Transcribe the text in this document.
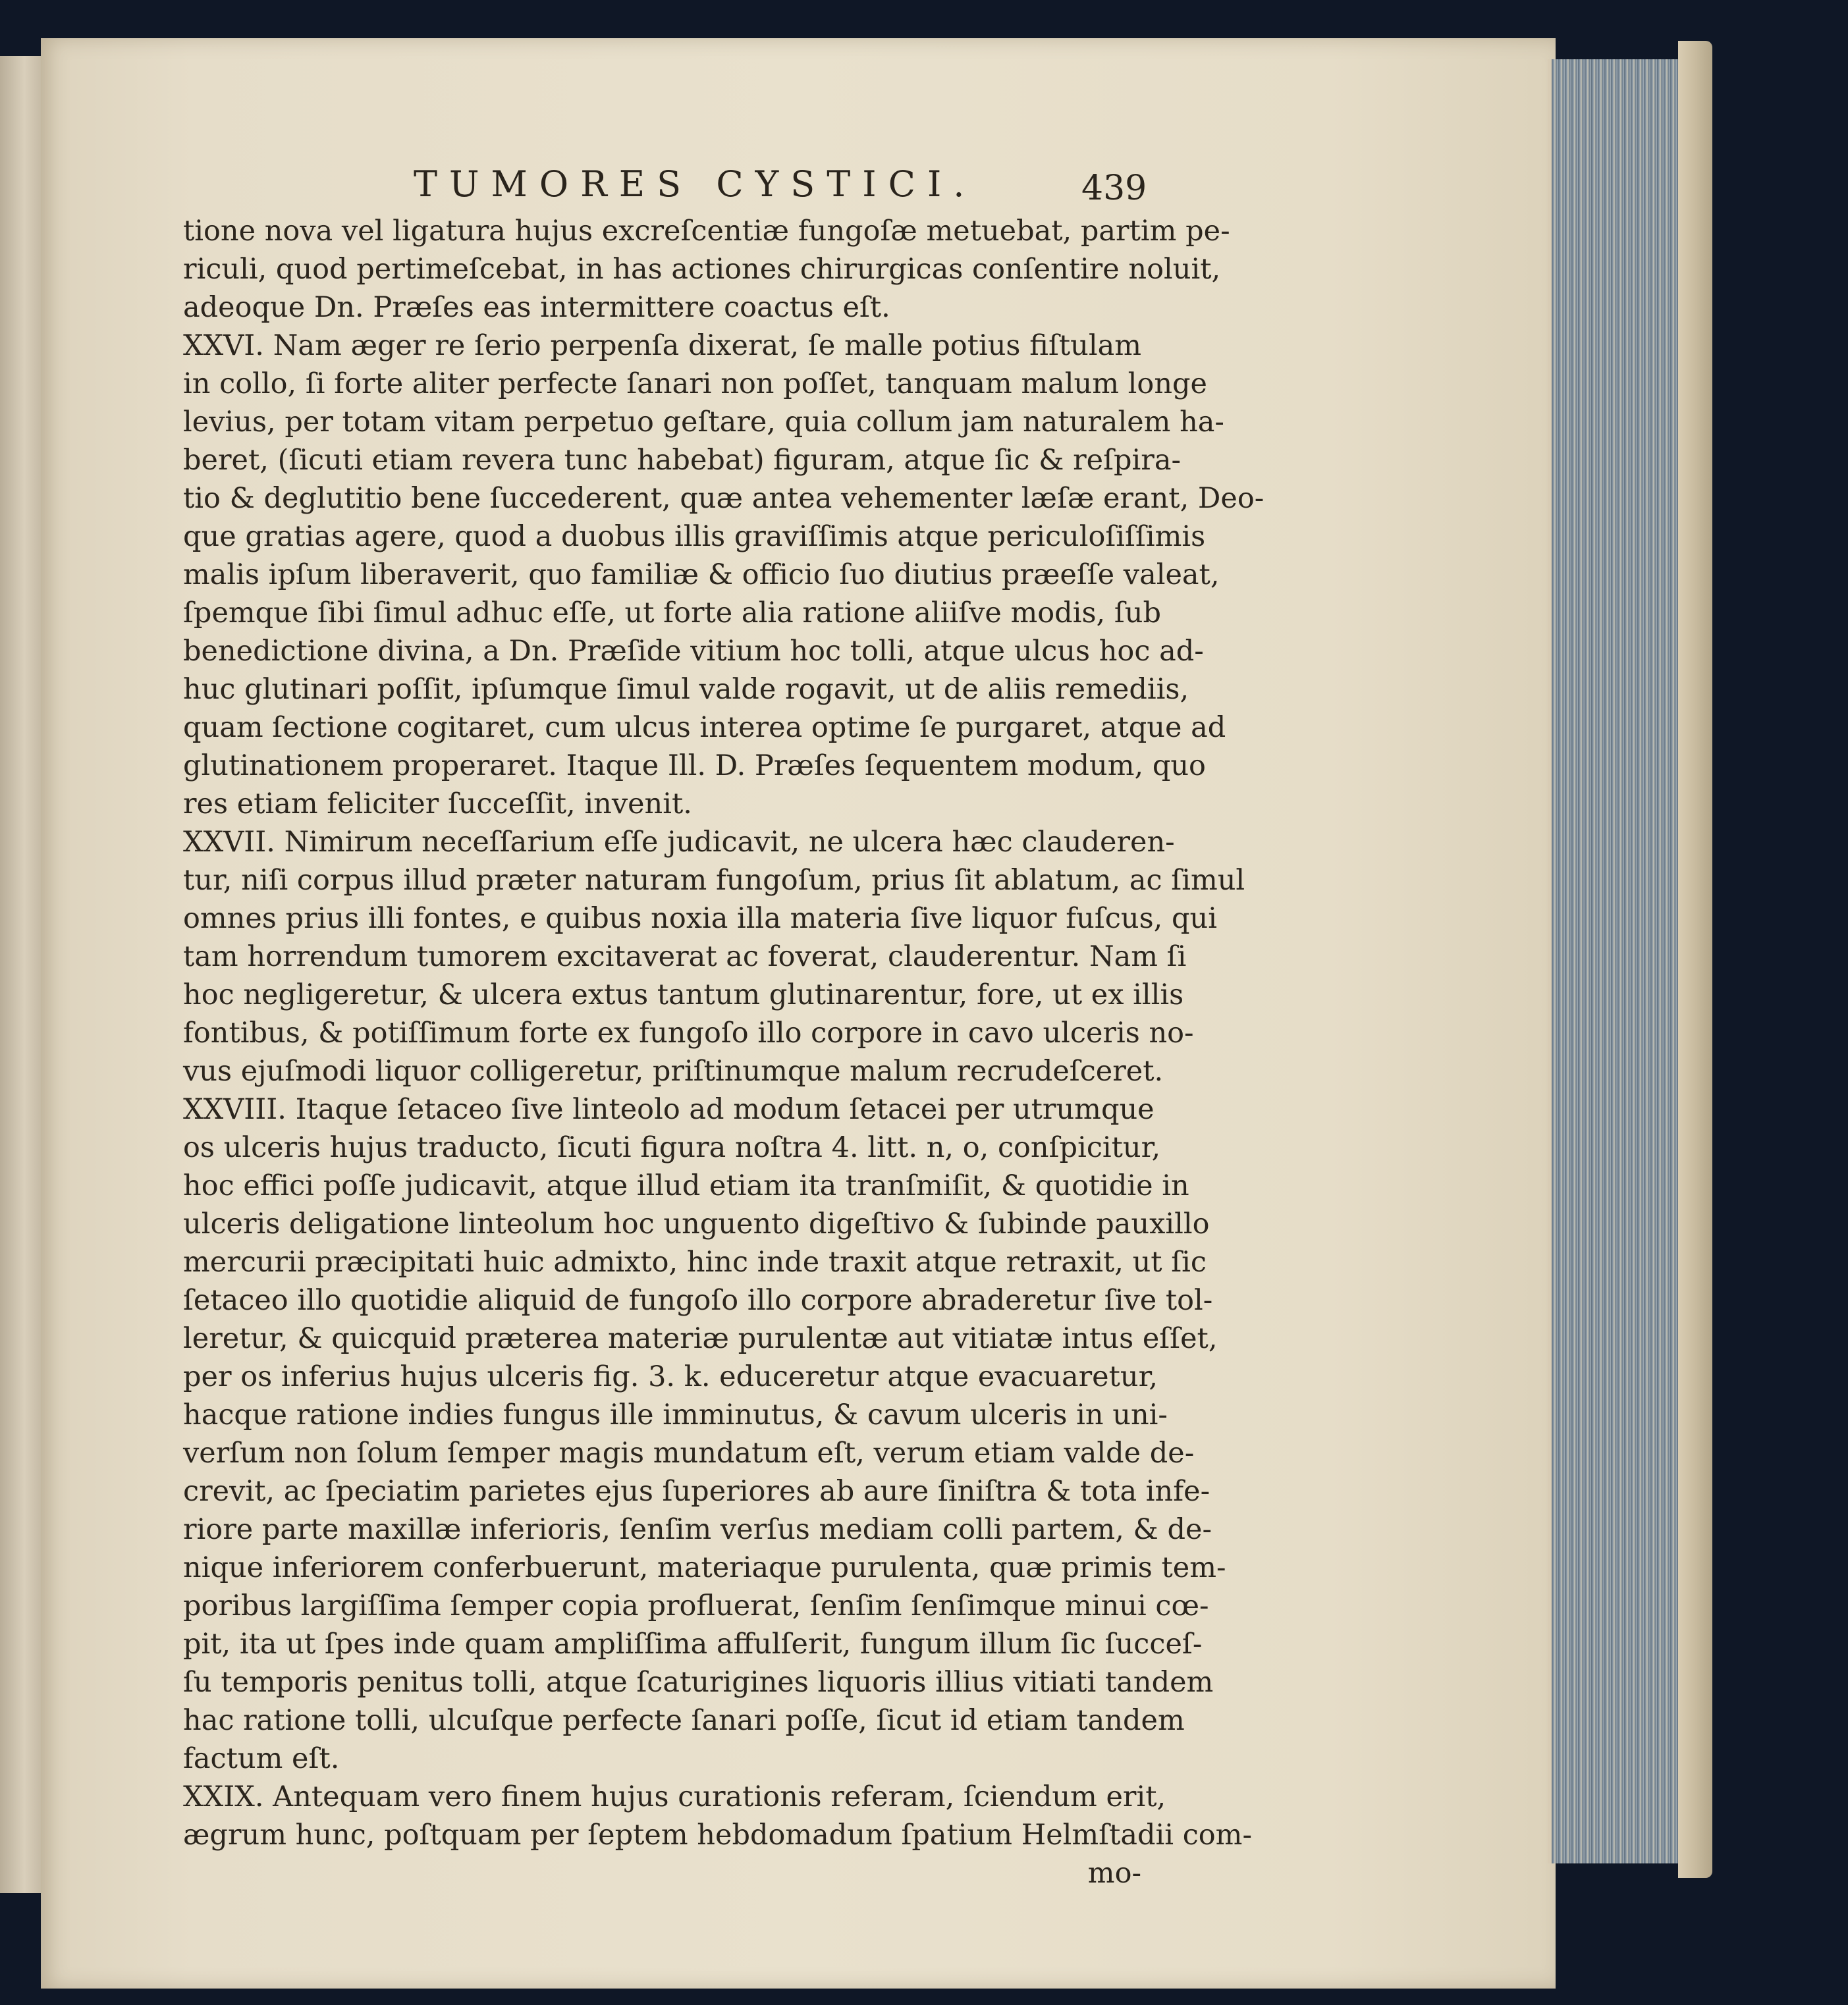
TUMORES CYSTICI.	439
tione nova vel ligatura hujus excreſcentiæ fungoſæ metuebat, partim pe-
riculi, quod pertimeſcebat, in has actiones chirurgicas conſentire noluit,
adeoque Dn. Præſes eas intermittere coactus eſt.
XXVI. Nam æger re ſerio perpenſa dixerat, ſe malle potius fiſtulam
in collo, ſi forte aliter perfecte ſanari non poſſet, tanquam malum longe
levius, per totam vitam perpetuo geſtare, quia collum jam naturalem ha-
beret, (ſicuti etiam revera tunc habebat) figuram, atque ſic & reſpira-
tio & deglutitio bene ſuccederent, quæ antea vehementer læſæ erant, Deo-
que gratias agere, quod a duobus illis graviſſimis atque periculoſiſſimis
malis ipſum liberaverit, quo familiæ & officio ſuo diutius præeſſe valeat,
ſpemque ſibi ſimul adhuc eſſe, ut forte alia ratione aliiſve modis, ſub
benedictione divina, a Dn. Præſide vitium hoc tolli, atque ulcus hoc ad-
huc glutinari poſſit, ipſumque ſimul valde rogavit, ut de aliis remediis,
quam ſectione cogitaret, cum ulcus interea optime ſe purgaret, atque ad
glutinationem properaret. Itaque Ill. D. Præſes ſequentem modum, quo
res etiam feliciter ſucceſſit, invenit.
XXVII. Nimirum neceſſarium eſſe judicavit, ne ulcera hæc clauderen-
tur, niſi corpus illud præter naturam fungoſum, prius ſit ablatum, ac ſimul
omnes prius illi fontes, e quibus noxia illa materia ſive liquor fuſcus, qui
tam horrendum tumorem excitaverat ac foverat, clauderentur. Nam ſi
hoc negligeretur, & ulcera extus tantum glutinarentur, fore, ut ex illis
fontibus, & potiſſimum forte ex fungoſo illo corpore in cavo ulceris no-
vus ejuſmodi liquor colligeretur, priſtinumque malum recrudeſceret.
XXVIII. Itaque ſetaceo ſive linteolo ad modum ſetacei per utrumque
os ulceris hujus traducto, ſicuti figura noſtra 4. litt. n, o, conſpicitur,
hoc effici poſſe judicavit, atque illud etiam ita tranſmiſit, & quotidie in
ulceris deligatione linteolum hoc unguento digeſtivo & ſubinde pauxillo
mercurii præcipitati huic admixto, hinc inde traxit atque retraxit, ut ſic
ſetaceo illo quotidie aliquid de fungoſo illo corpore abraderetur ſive tol-
leretur, & quicquid præterea materiæ purulentæ aut vitiatæ intus eſſet,
per os inferius hujus ulceris fig. 3. k. educeretur atque evacuaretur,
hacque ratione indies fungus ille imminutus, & cavum ulceris in uni-
verſum non ſolum ſemper magis mundatum eſt, verum etiam valde de-
crevit, ac ſpeciatim parietes ejus ſuperiores ab aure ſiniſtra & tota infe-
riore parte maxillæ inferioris, ſenſim verſus mediam colli partem, & de-
nique inferiorem conferbuerunt, materiaque purulenta, quæ primis tem-
poribus largiſſima ſemper copia profluerat, ſenſim ſenſimque minui cœ-
pit, ita ut ſpes inde quam ampliſſima affulſerit, fungum illum ſic ſucceſ-
ſu temporis penitus tolli, atque ſcaturigines liquoris illius vitiati tandem
hac ratione tolli, ulcuſque perfecte ſanari poſſe, ſicut id etiam tandem
factum eſt.
XXIX. Antequam vero finem hujus curationis referam, ſciendum erit,
ægrum hunc, poſtquam per ſeptem hebdomadum ſpatium Helmſtadii com-
mo-
